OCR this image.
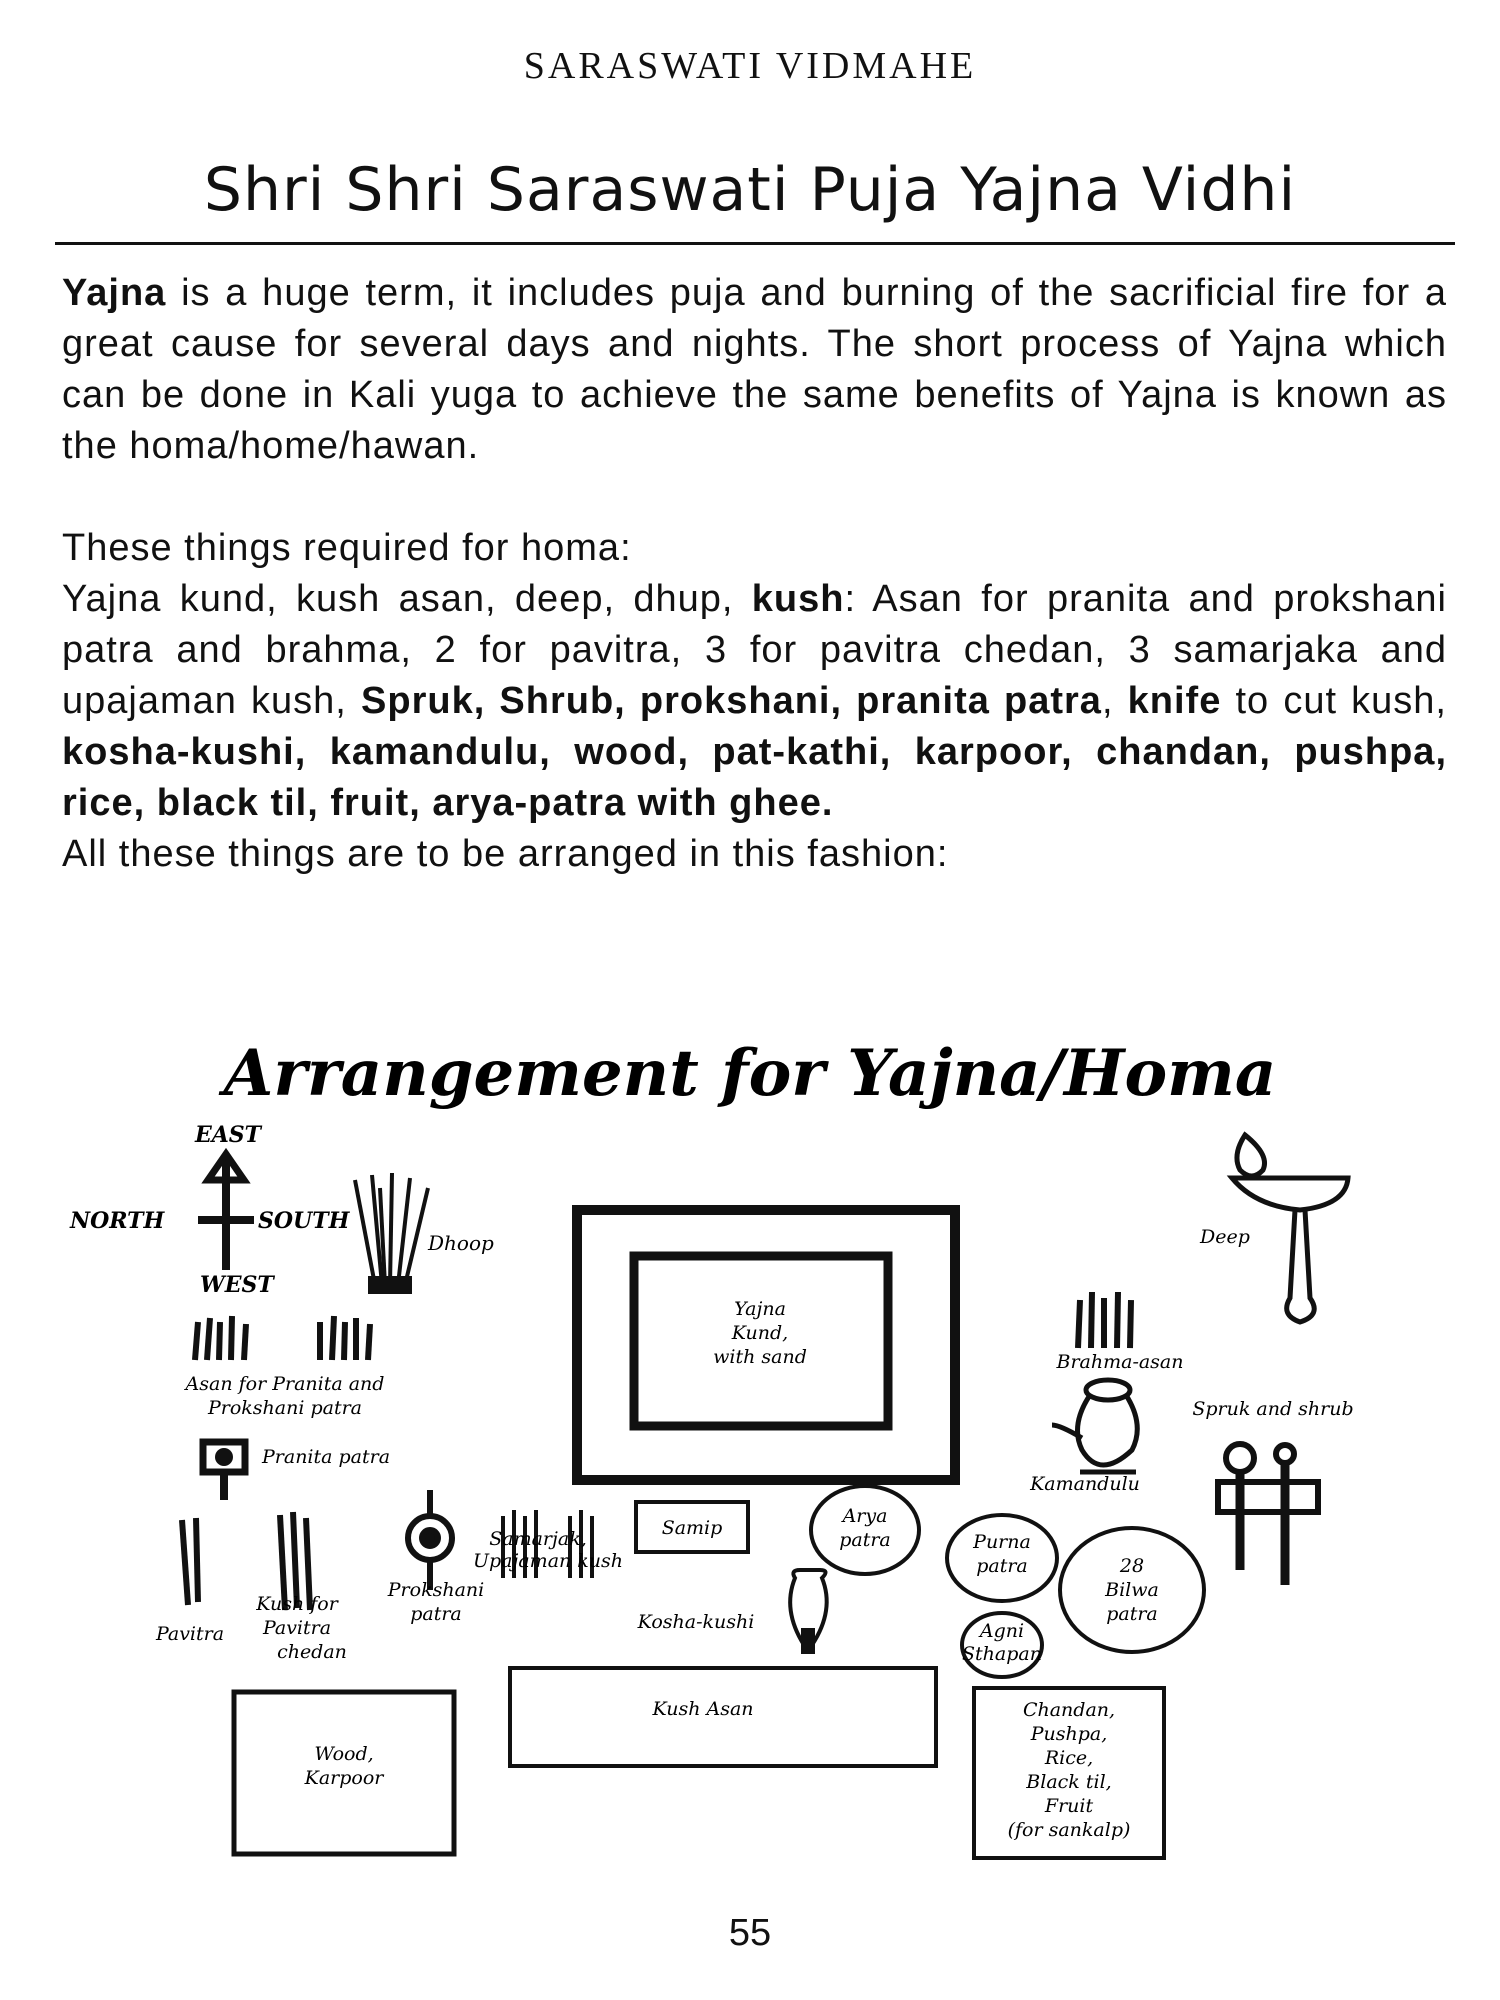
SARASWATI VIDMAHE
Shri Shri Saraswati Puja Yajna Vidhi

Yajna is a huge term, it includes puja and burning of the sacrificial fire for a great cause for several days and nights. The short process of Yajna which can be done in Kali yuga to achieve the same benefits of Yajna is known as the homa/home/hawan.

These things required for homa:

Yajna kund, kush asan, deep, dhup, kush: Asan for pranita and prokshani patra and brahma, 2 for pavitra, 3 for pavitra chedan, 3 samarjaka and upajaman kush, Spruk, Shrub, prokshani, pranita patra, knife to cut kush, kosha-kushi, kamandulu, wood, pat-kathi, karpoor, chandan, pushpa, rice, black til, fruit, arya-patra with ghee.

All these things are to be arranged in this fashion:

Arrangement for Yajna/Homa
EAST
NORTH	SOUTH
WEST
Dhoop
Asan for Pranita and
Prokshani patra
Pranita patra
Pavitra
Kush for
Pavitra
chedan
Prokshani
patra
Samarjak,
Upajaman kush
Yajna
Kund,
with sand
Samip
Arya
patra
Kosha-kushi
Kush Asan
Wood,
Karpoor
Deep
Brahma-asan
Kamandulu
Spruk and shrub
Purna
patra	28
Bilwa
patra
Agni
Sthapan
Chandan,
Pushpa,
Rice,
Black til,
Fruit
(for sankalp)
55
